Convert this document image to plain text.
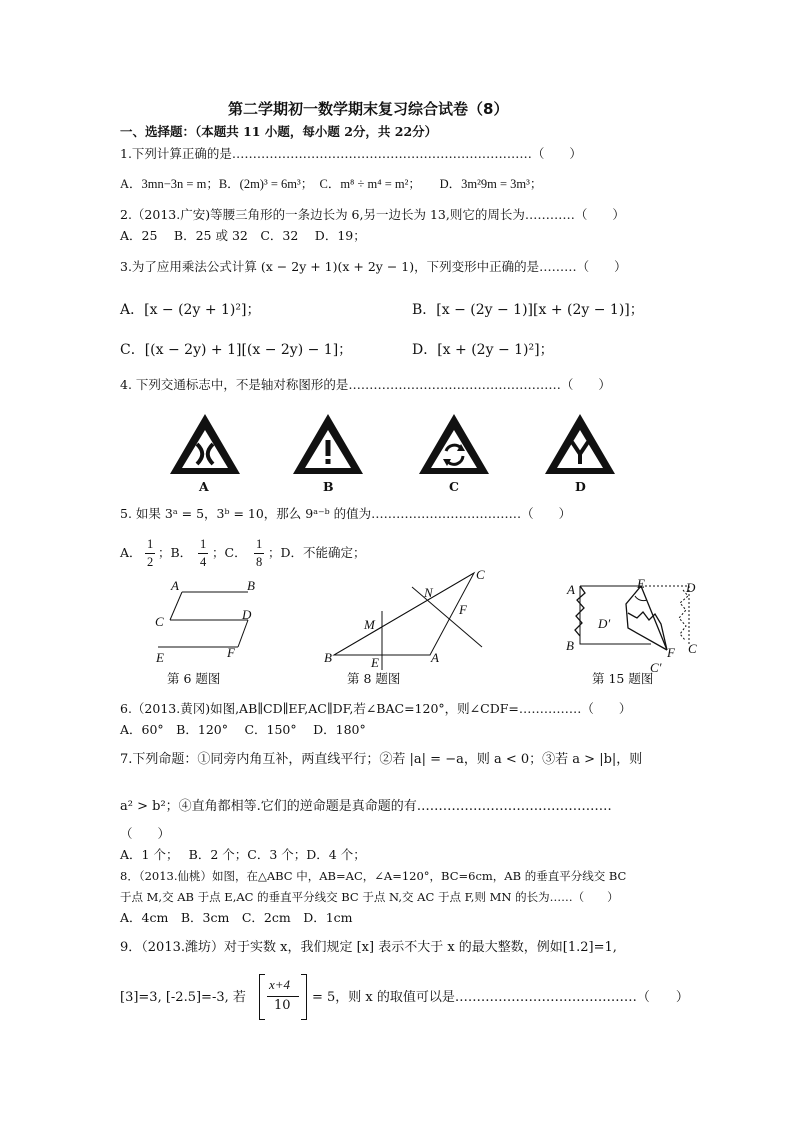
第二学期初一数学期末复习综合试卷（8）
一、选择题：（本题共 11 小题，每小题 2分，共 22分）
1.下列计算正确的是………………………………………………………………（　　）
A．3mn−3n = m；B．(2m)³ = 6m³；　C．m⁸ ÷ m⁴ = m²；　　D．3m²9m = 3m³；
2.（2013.广安)等腰三角形的一条边长为 6,另一边长为 13,则它的周长为…………（　　）
A．25　 B．25 或 32　C．32　 D．19；
3.为了应用乘法公式计算 (x − 2y + 1)(x + 2y − 1)，下列变形中正确的是………（　　）
A．[x − (2y + 1)²]；	B．[x − (2y − 1)][x + (2y − 1)]；
C．[(x − 2y) + 1][(x − 2y) − 1]；	D．[x + (2y − 1)²]；
4. 下列交通标志中，不是轴对称图形的是……………………………………………（　　）
A	B	C	D
5. 如果 3ᵃ = 5，3ᵇ = 10，那么 9ᵃ⁻ᵇ 的值为………………………………（　　）
A．
1
2
；B．
1
4
；C．
1
8
；D．不能确定；
A	B
C	D
E	F
第 6 题图
C
N
F
M
B	E	A
第 8 题图
A	E	D
D′
B	C
F
C′
第 15 题图
6.（2013.黄冈)如图,AB∥CD∥EF,AC∥DF,若∠BAC=120°，则∠CDF=……………（　　）
A．60°　B．120°　 C．150°　 D．180°
7.下列命题：①同旁内角互补，两直线平行；②若 |a| = −a，则 a < 0；③若 a > |b|，则
a² > b²；④直角都相等.它们的逆命题是真命题的有………………………………………
（　　）
A．1 个；　 B．2 个；C．3 个；D．4 个；
8．（2013.仙桃）如图，在△ABC 中，AB=AC，∠A=120°，BC=6cm，AB 的垂直平分线交 BC
于点 M,交 AB 于点 E,AC 的垂直平分线交 BC 于点 N,交 AC 于点 F,则 MN 的长为……（　　）
A．4cm　B．3cm　C．2cm　D．1cm
9．（2013.潍坊）对于实数 x，我们规定 [x] 表示不大于 x 的最大整数，例如[1.2]=1,
[3]=3, [-2.5]=-3, 若
x+4
10
= 5，则 x 的取值可以是……………………………………（　　）
